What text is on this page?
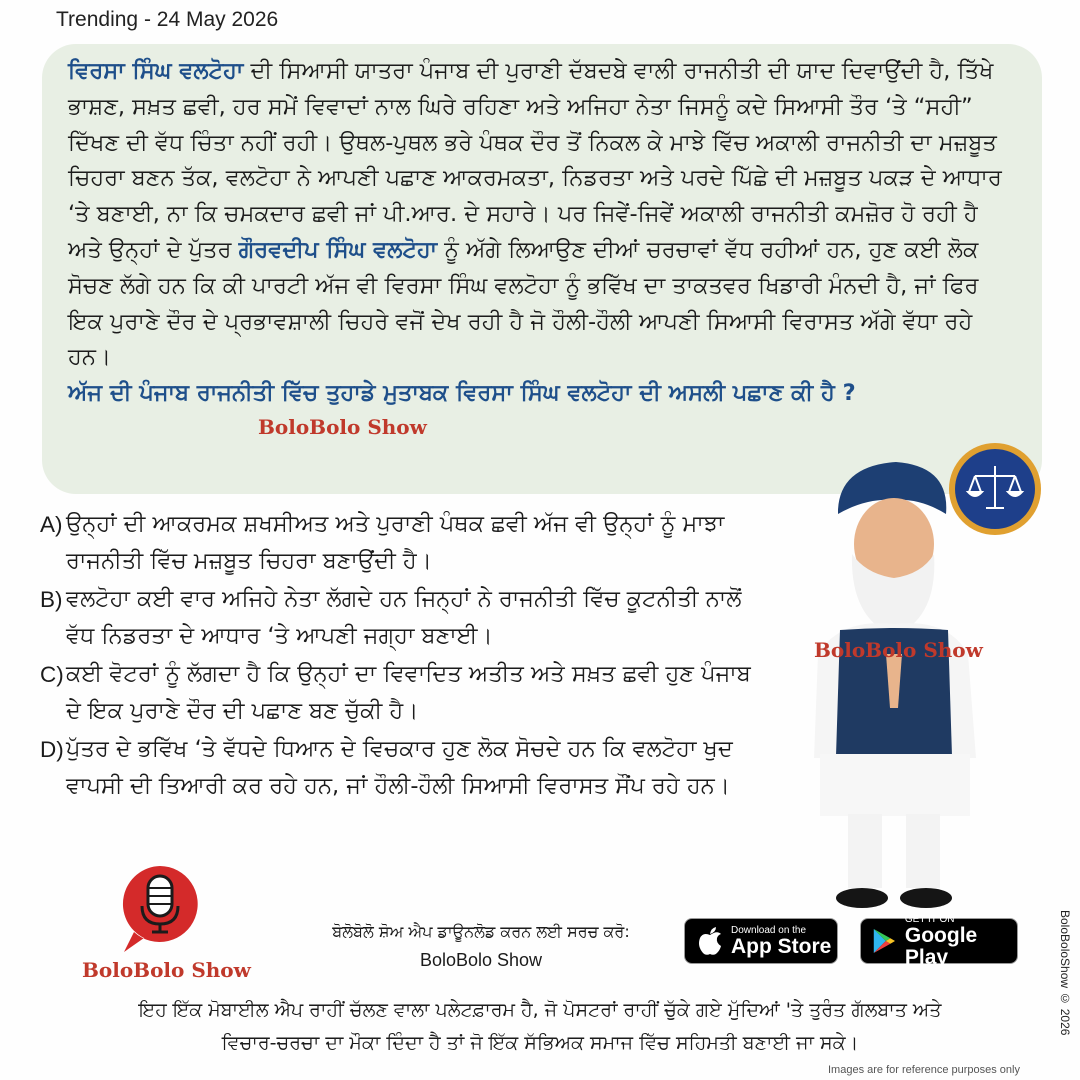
Trending - 24 May 2026

ਵਿਰਸਾ ਸਿੰਘ ਵਲਟੋਹਾ ਦੀ ਸਿਆਸੀ ਯਾਤਰਾ ਪੰਜਾਬ ਦੀ ਪੁਰਾਣੀ ਦੱਬਦਬੇ ਵਾਲੀ ਰਾਜਨੀਤੀ ਦੀ ਯਾਦ ਦਿਵਾਉਂਦੀ ਹੈ, ਤਿੱਖੇ ਭਾਸ਼ਣ, ਸਖ਼ਤ ਛਵੀ, ਹਰ ਸਮੇਂ ਵਿਵਾਦਾਂ ਨਾਲ ਘਿਰੇ ਰਹਿਣਾ ਅਤੇ ਅਜਿਹਾ ਨੇਤਾ ਜਿਸਨੂੰ ਕਦੇ ਸਿਆਸੀ ਤੌਰ ‘ਤੇ “ਸਹੀ” ਦਿੱਖਣ ਦੀ ਵੱਧ ਚਿੰਤਾ ਨਹੀਂ ਰਹੀ। ਉਥਲ-ਪੁਥਲ ਭਰੇ ਪੰਥਕ ਦੌਰ ਤੋਂ ਨਿਕਲ ਕੇ ਮਾਝੇ ਵਿੱਚ ਅਕਾਲੀ ਰਾਜਨੀਤੀ ਦਾ ਮਜ਼ਬੂਤ ਚਿਹਰਾ ਬਣਨ ਤੱਕ, ਵਲਟੋਹਾ ਨੇ ਆਪਣੀ ਪਛਾਣ ਆਕਰਮਕਤਾ, ਨਿਡਰਤਾ ਅਤੇ ਪਰਦੇ ਪਿੱਛੇ ਦੀ ਮਜ਼ਬੂਤ ਪਕੜ ਦੇ ਆਧਾਰ ‘ਤੇ ਬਣਾਈ, ਨਾ ਕਿ ਚਮਕਦਾਰ ਛਵੀ ਜਾਂ ਪੀ.ਆਰ. ਦੇ ਸਹਾਰੇ। ਪਰ ਜਿਵੇਂ-ਜਿਵੇਂ ਅਕਾਲੀ ਰਾਜਨੀਤੀ ਕਮਜ਼ੋਰ ਹੋ ਰਹੀ ਹੈ ਅਤੇ ਉਨ੍ਹਾਂ ਦੇ ਪੁੱਤਰ ਗੌਰਵਦੀਪ ਸਿੰਘ ਵਲਟੋਹਾ ਨੂੰ ਅੱਗੇ ਲਿਆਉਣ ਦੀਆਂ ਚਰਚਾਵਾਂ ਵੱਧ ਰਹੀਆਂ ਹਨ, ਹੁਣ ਕਈ ਲੋਕ ਸੋਚਣ ਲੱਗੇ ਹਨ ਕਿ ਕੀ ਪਾਰਟੀ ਅੱਜ ਵੀ ਵਿਰਸਾ ਸਿੰਘ ਵਲਟੋਹਾ ਨੂੰ ਭਵਿੱਖ ਦਾ ਤਾਕਤਵਰ ਖਿਡਾਰੀ ਮੰਨਦੀ ਹੈ, ਜਾਂ ਫਿਰ ਇਕ ਪੁਰਾਣੇ ਦੌਰ ਦੇ ਪ੍ਰਭਾਵਸ਼ਾਲੀ ਚਿਹਰੇ ਵਜੋਂ ਦੇਖ ਰਹੀ ਹੈ ਜੋ ਹੌਲੀ-ਹੌਲੀ ਆਪਣੀ ਸਿਆਸੀ ਵਿਰਾਸਤ ਅੱਗੇ ਵੱਧਾ ਰਹੇ ਹਨ।

ਅੱਜ ਦੀ ਪੰਜਾਬ ਰਾਜਨੀਤੀ ਵਿੱਚ ਤੁਹਾਡੇ ਮੁਤਾਬਕ ਵਿਰਸਾ ਸਿੰਘ ਵਲਟੋਹਾ ਦੀ ਅਸਲੀ ਪਛਾਣ ਕੀ ਹੈ ?

BoloBolo Show
A) ਉਨ੍ਹਾਂ ਦੀ ਆਕਰਮਕ ਸ਼ਖਸੀਅਤ ਅਤੇ ਪੁਰਾਣੀ ਪੰਥਕ ਛਵੀ ਅੱਜ ਵੀ ਉਨ੍ਹਾਂ ਨੂੰ ਮਾਝਾ ਰਾਜਨੀਤੀ ਵਿੱਚ ਮਜ਼ਬੂਤ ਚਿਹਰਾ ਬਣਾਉਂਦੀ ਹੈ।
B) ਵਲਟੋਹਾ ਕਈ ਵਾਰ ਅਜਿਹੇ ਨੇਤਾ ਲੱਗਦੇ ਹਨ ਜਿਨ੍ਹਾਂ ਨੇ ਰਾਜਨੀਤੀ ਵਿੱਚ ਕੂਟਨੀਤੀ ਨਾਲੋਂ ਵੱਧ ਨਿਡਰਤਾ ਦੇ ਆਧਾਰ ‘ਤੇ ਆਪਣੀ ਜਗ੍ਹਾ ਬਣਾਈ।
C) ਕਈ ਵੋਟਰਾਂ ਨੂੰ ਲੱਗਦਾ ਹੈ ਕਿ ਉਨ੍ਹਾਂ ਦਾ ਵਿਵਾਦਿਤ ਅਤੀਤ ਅਤੇ ਸਖ਼ਤ ਛਵੀ ਹੁਣ ਪੰਜਾਬ ਦੇ ਇਕ ਪੁਰਾਣੇ ਦੌਰ ਦੀ ਪਛਾਣ ਬਣ ਚੁੱਕੀ ਹੈ।
D) ਪੁੱਤਰ ਦੇ ਭਵਿੱਖ ‘ਤੇ ਵੱਧਦੇ ਧਿਆਨ ਦੇ ਵਿਚਕਾਰ ਹੁਣ ਲੋਕ ਸੋਚਦੇ ਹਨ ਕਿ ਵਲਟੋਹਾ ਖੁਦ ਵਾਪਸੀ ਦੀ ਤਿਆਰੀ ਕਰ ਰਹੇ ਹਨ, ਜਾਂ ਹੌਲੀ-ਹੌਲੀ ਸਿਆਸੀ ਵਿਰਾਸਤ ਸੌਂਪ ਰਹੇ ਹਨ।
BoloBolo Show
BoloBolo Show
ਬੋਲੋਬੋਲੋ ਸ਼ੋਅ ਐਪ ਡਾਊਨਲੋਡ ਕਰਨ ਲਈ ਸਰਚ ਕਰੋ:
BoloBolo Show
Download on the
App Store
GET IT ON
Google Play
ਇਹ ਇੱਕ ਮੋਬਾਈਲ ਐਪ ਰਾਹੀਂ ਚੱਲਣ ਵਾਲਾ ਪਲੇਟਫ਼ਾਰਮ ਹੈ, ਜੋ ਪੋਸਟਰਾਂ ਰਾਹੀਂ ਚੁੱਕੇ ਗਏ ਮੁੱਦਿਆਂ 'ਤੇ ਤੁਰੰਤ ਗੱਲਬਾਤ ਅਤੇ
ਵਿਚਾਰ-ਚਰਚਾ ਦਾ ਮੌਕਾ ਦਿੰਦਾ ਹੈ ਤਾਂ ਜੋ ਇੱਕ ਸੱਭਿਅਕ ਸਮਾਜ ਵਿੱਚ ਸਹਿਮਤੀ ਬਣਾਈ ਜਾ ਸਕੇ।
BoloBoloShow © 2026
Images are for reference purposes only
